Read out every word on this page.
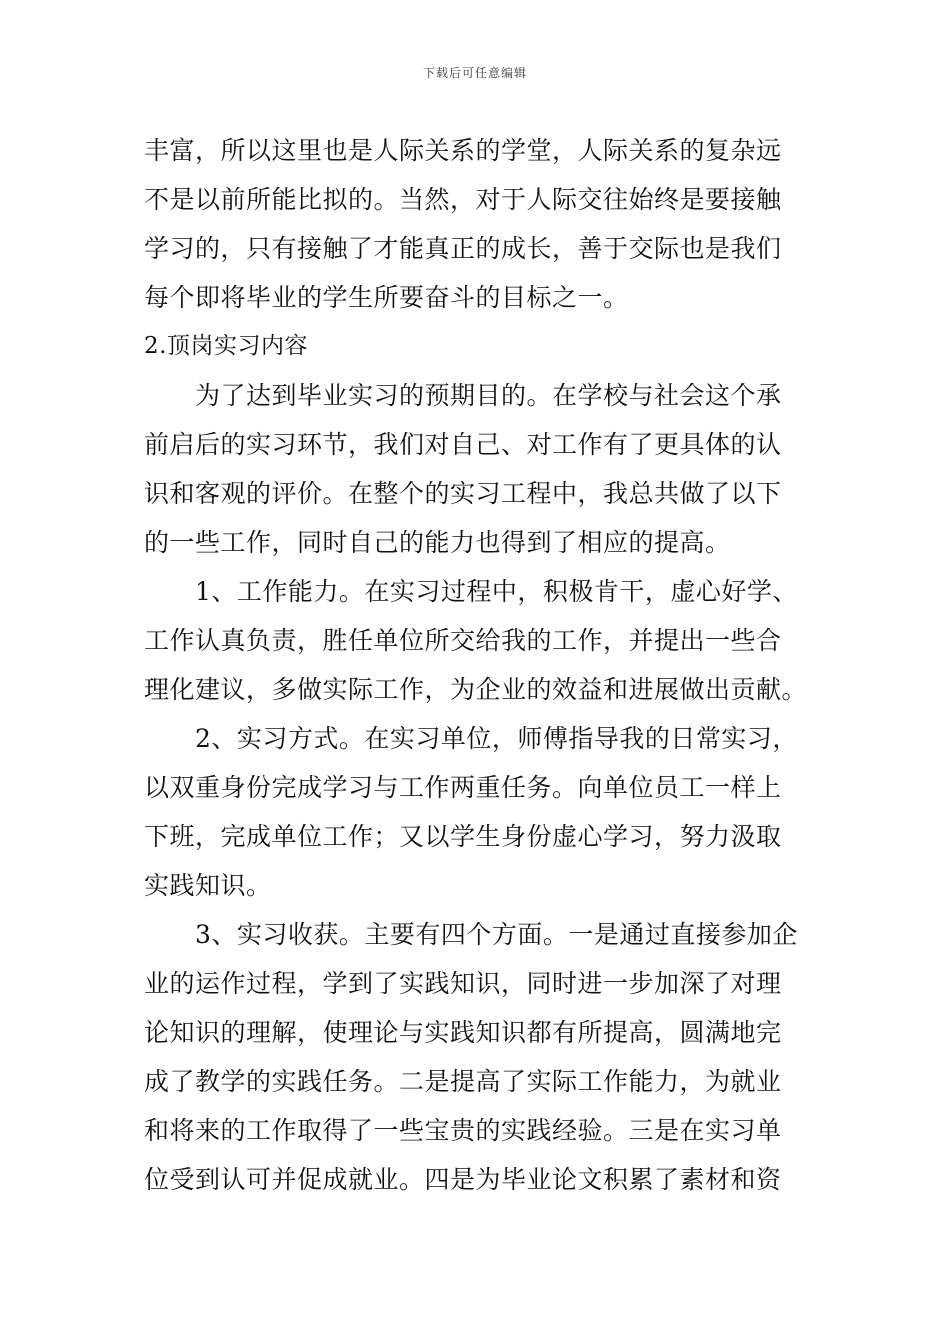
下载后可任意编辑
丰富，所以这里也是人际关系的学堂，人际关系的复杂远
不是以前所能比拟的。当然，对于人际交往始终是要接触
学习的，只有接触了才能真正的成长，善于交际也是我们
每个即将毕业的学生所要奋斗的目标之一。
2.顶岗实习内容
为了达到毕业实习的预期目的。在学校与社会这个承
前启后的实习环节，我们对自己、对工作有了更具体的认
识和客观的评价。在整个的实习工程中，我总共做了以下
的一些工作，同时自己的能力也得到了相应的提高。
1、工作能力。在实习过程中，积极肯干，虚心好学、
工作认真负责，胜任单位所交给我的工作，并提出一些合
理化建议，多做实际工作，为企业的效益和进展做出贡献。
2、实习方式。在实习单位，师傅指导我的日常实习，
以双重身份完成学习与工作两重任务。向单位员工一样上
下班，完成单位工作；又以学生身份虚心学习，努力汲取
实践知识。
3、实习收获。主要有四个方面。一是通过直接参加企
业的运作过程，学到了实践知识，同时进一步加深了对理
论知识的理解，使理论与实践知识都有所提高，圆满地完
成了教学的实践任务。二是提高了实际工作能力，为就业
和将来的工作取得了一些宝贵的实践经验。三是在实习单
位受到认可并促成就业。四是为毕业论文积累了素材和资
